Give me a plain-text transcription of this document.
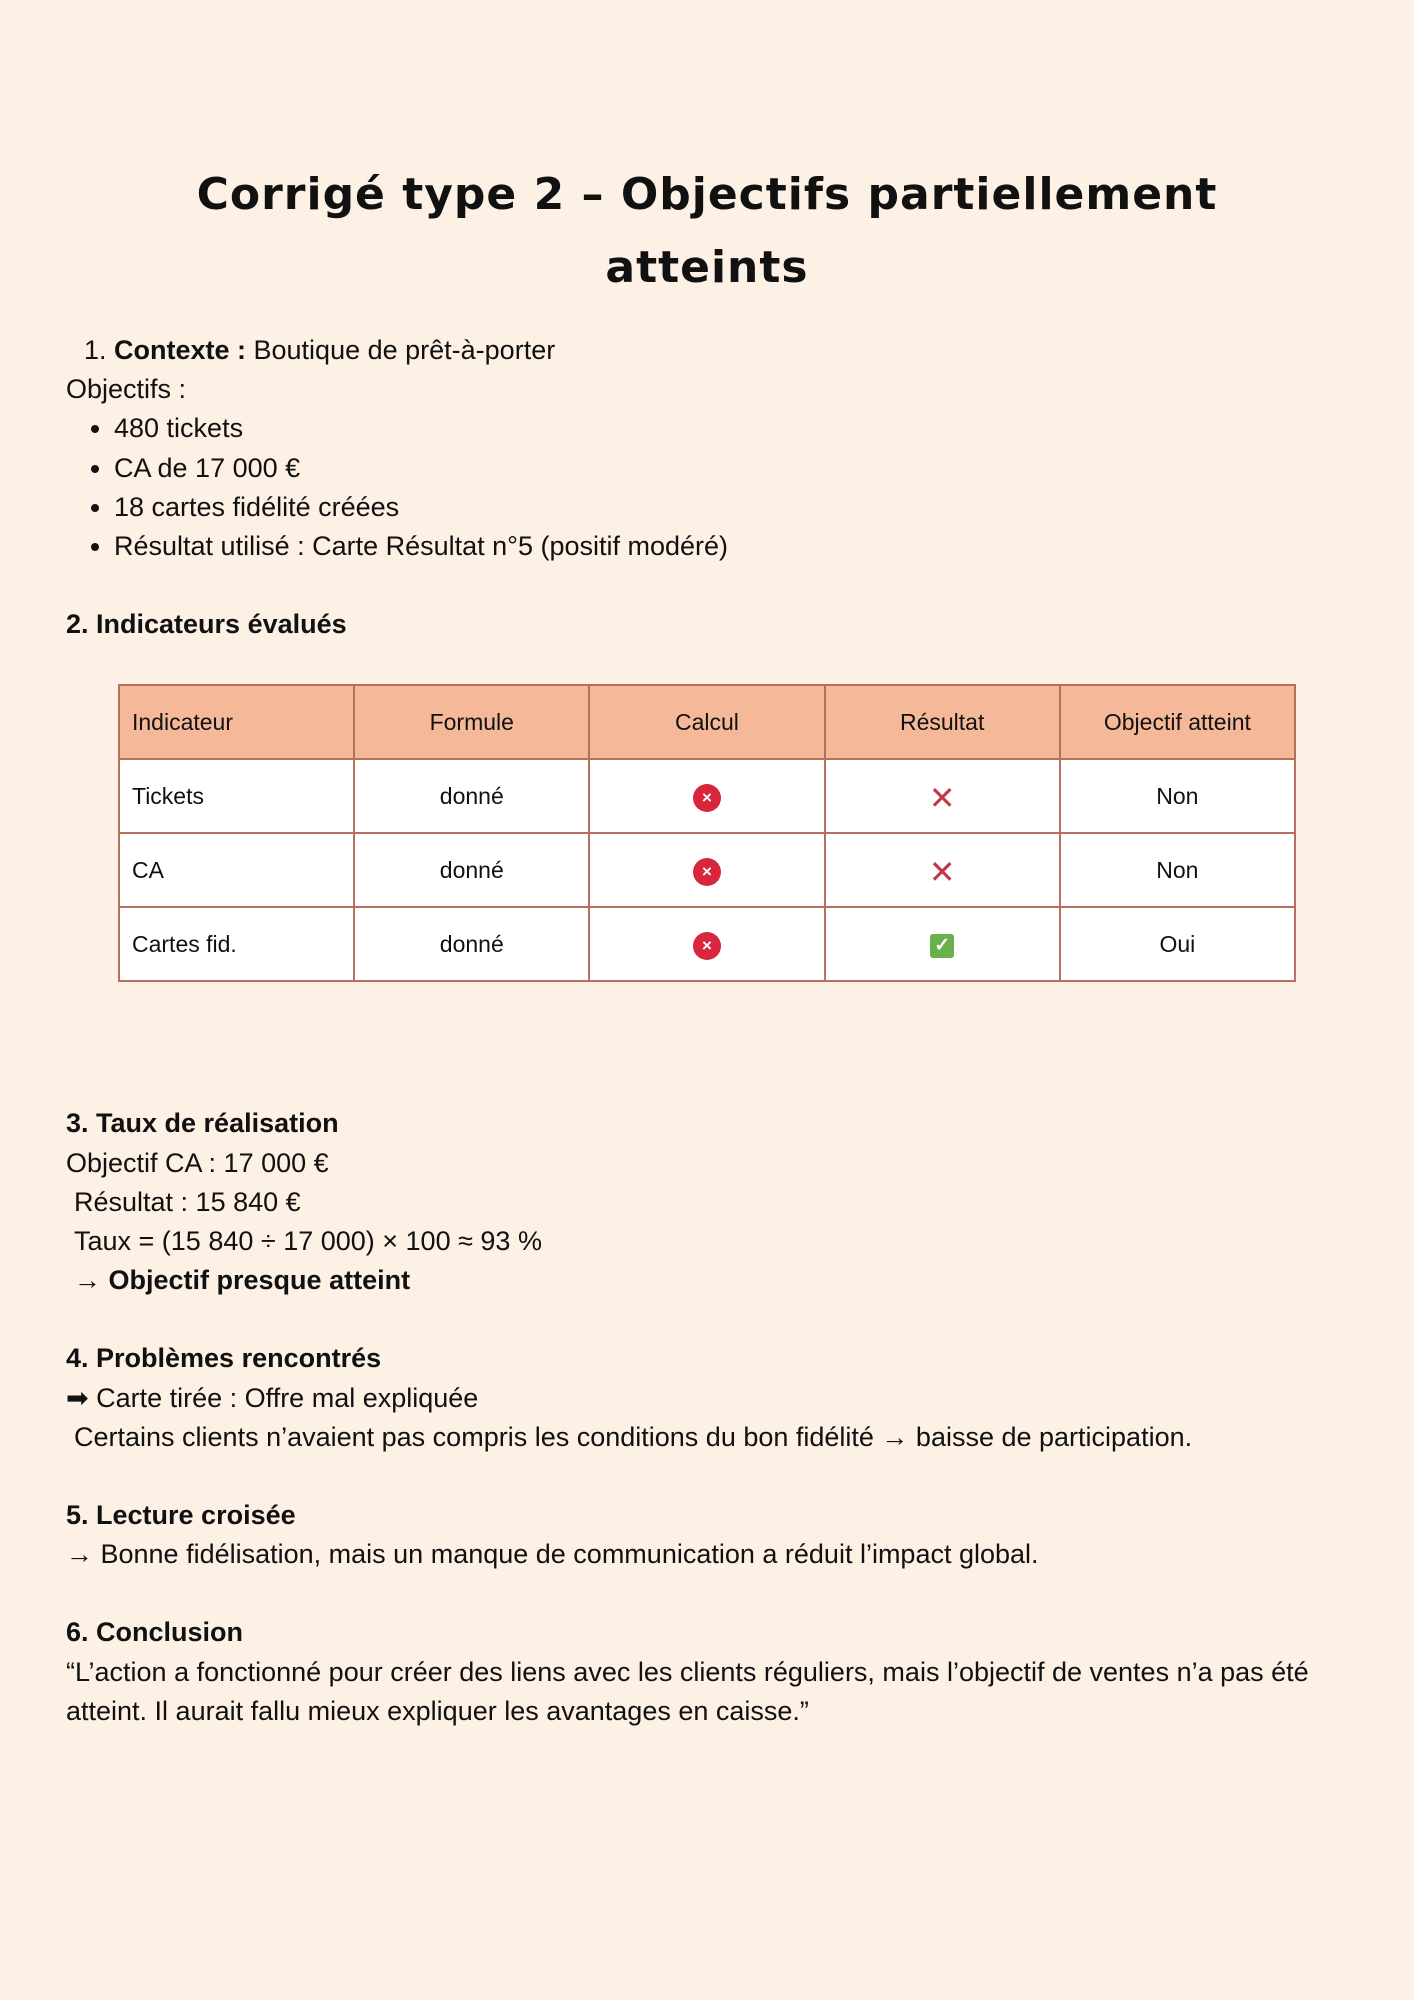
Corrigé type 2 – Objectifs partiellement
atteints
1. Contexte : Boutique de prêt-à-porter

Objectifs :

• 480 tickets
• CA de 17 000 €
• 18 cartes fidélité créées
• Résultat utilisé : Carte Résultat n°5 (positif modéré)

2. Indicateurs évalués

Indicateur	Formule	Calcul	Résultat	Objectif atteint
Tickets	donné	×	✕	Non
CA	donné	×	✕	Non
Cartes fid.	donné	×	✓	Oui

3. Taux de réalisation

Objectif CA : 17 000 €

Résultat : 15 840 €

Taux = (15 840 ÷ 17 000) × 100 ≈ 93 %

→ Objectif presque atteint

4. Problèmes rencontrés

➡ Carte tirée : Offre mal expliquée

Certains clients n’avaient pas compris les conditions du bon fidélité → baisse de participation.

5. Lecture croisée

→ Bonne fidélisation, mais un manque de communication a réduit l’impact global.

6. Conclusion

“L’action a fonctionné pour créer des liens avec les clients réguliers, mais l’objectif de ventes n’a pas été atteint. Il aurait fallu mieux expliquer les avantages en caisse.”
